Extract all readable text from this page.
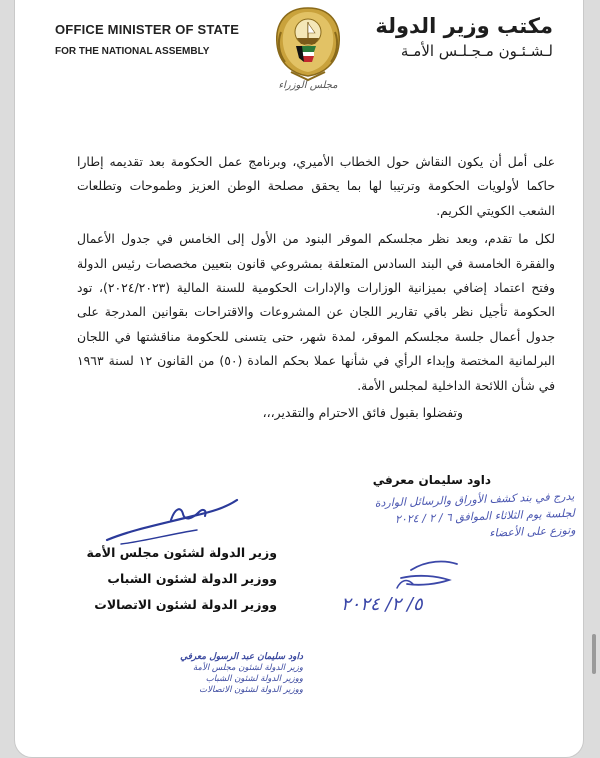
OFFICE MINISTER OF STATE
FOR THE NATIONAL ASSEMBLY
مجلس الوزراء
مكتب وزير الدولة
لـشـئـون مـجـلـس الأمـة

على أمل أن يكون النقاش حول الخطاب الأميري، وبرنامج عمل الحكومة بعد تقديمه إطارا حاكما لأولويات الحكومة وترتيبا لها بما يحقق مصلحة الوطن العزيز وطموحات وتطلعات الشعب الكويتي الكريم.

لكل ما تقدم، وبعد نظر مجلسكم الموقر البنود من الأول إلى الخامس في جدول الأعمال والفقرة الخامسة في البند السادس المتعلقة بمشروعي قانون بتعيين مخصصات رئيس الدولة وفتح اعتماد إضافي بميزانية الوزارات والإدارات الحكومية للسنة المالية (٢٠٢٤/٢٠٢٣)، تود الحكومة تأجيل نظر باقي تقارير اللجان عن المشروعات والاقتراحات بقوانين المدرجة على جدول أعمال جلسة مجلسكم الموقر، لمدة شهر، حتى يتسنى للحكومة مناقشتها في اللجان البرلمانية المختصة وإبداء الرأي في شأنها عملا بحكم المادة (٥٠) من القانون ١٢ لسنة ١٩٦٣ في شأن اللائحة الداخلية لمجلس الأمة.

وتفضلوا بقبول فائق الاحترام والتقدير،،،

داود سليمان معرفي
وزير الدولة لشئون مجلس الأمة
ووزير الدولة لشئون الشباب
ووزير الدولة لشئون الاتصالات
يدرج في بند كشف الأوراق والرسائل الواردة
لجلسة يوم الثلاثاء الموافق ٦ / ٢ / ٢٠٢٤
وتوزع على الأعضاء
٥/ ٢/ ٢٠٢٤
داود سليمان عبد الرسول معرفي
وزير الدولة لشئون مجلس الأمة
ووزير الدولة لشئون الشباب
ووزير الدولة لشئون الاتصالات
